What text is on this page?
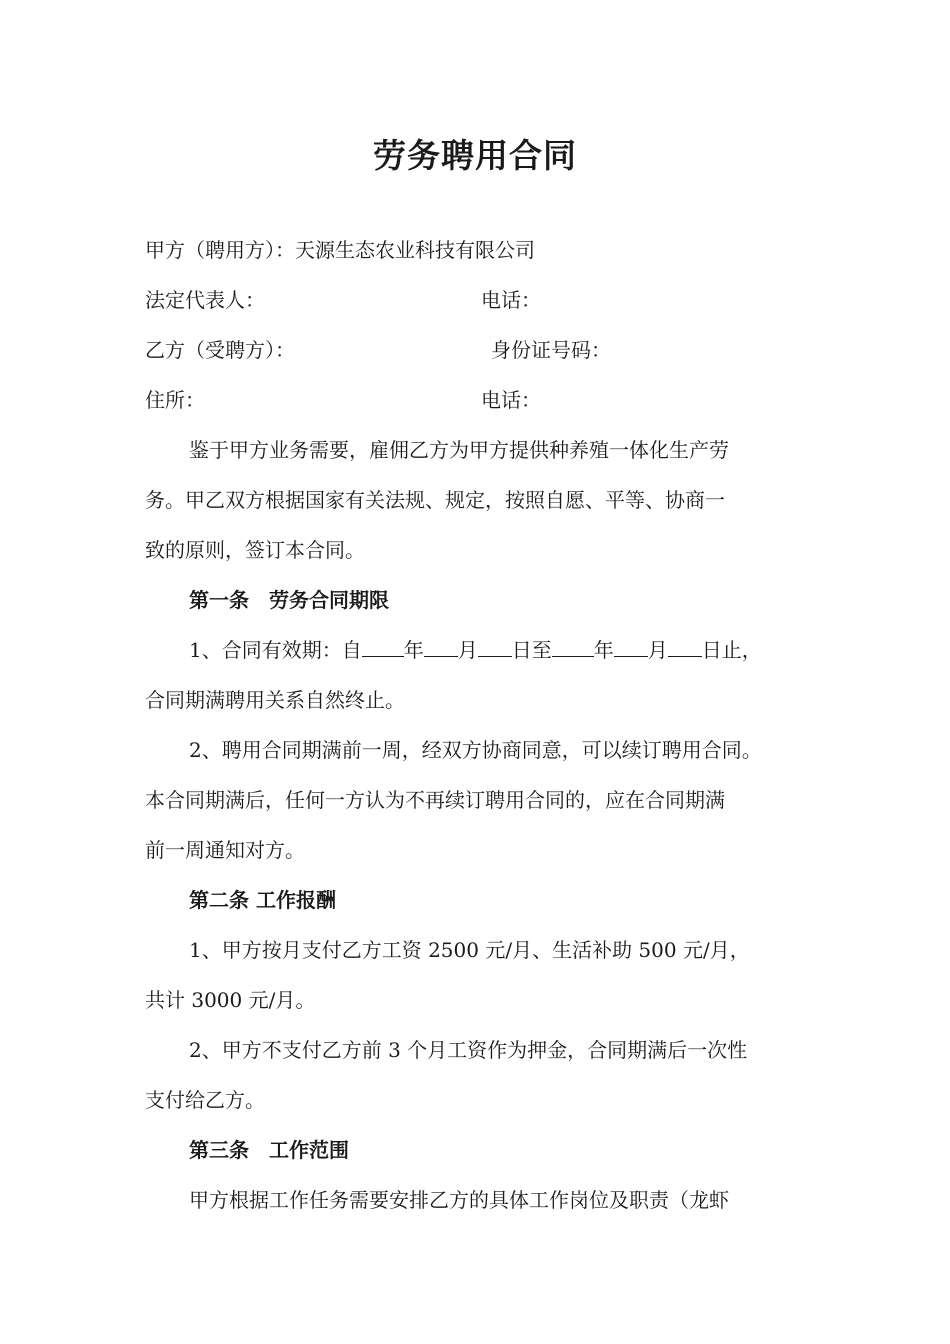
劳务聘用合同
甲方（聘用方）：天源生态农业科技有限公司
法定代表人：	电话：
乙方（受聘方）：	身份证号码：
住所：	电话：
鉴于甲方业务需要，雇佣乙方为甲方提供种养殖一体化生产劳
务。甲乙双方根据国家有关法规、规定，按照自愿、平等、协商一
致的原则，签订本合同。
第一条　劳务合同期限
1、合同有效期：自 年 月 日至 年 月 日止，
合同期满聘用关系自然终止。
2、聘用合同期满前一周，经双方协商同意，可以续订聘用合同。
本合同期满后，任何一方认为不再续订聘用合同的，应在合同期满
前一周通知对方。
第二条 工作报酬
1、甲方按月支付乙方工资 2500 元/月、生活补助 500 元/月，
共计 3000 元/月。
2、甲方不支付乙方前 3 个月工资作为押金，合同期满后一次性
支付给乙方。
第三条　工作范围
甲方根据工作任务需要安排乙方的具体工作岗位及职责（龙虾
